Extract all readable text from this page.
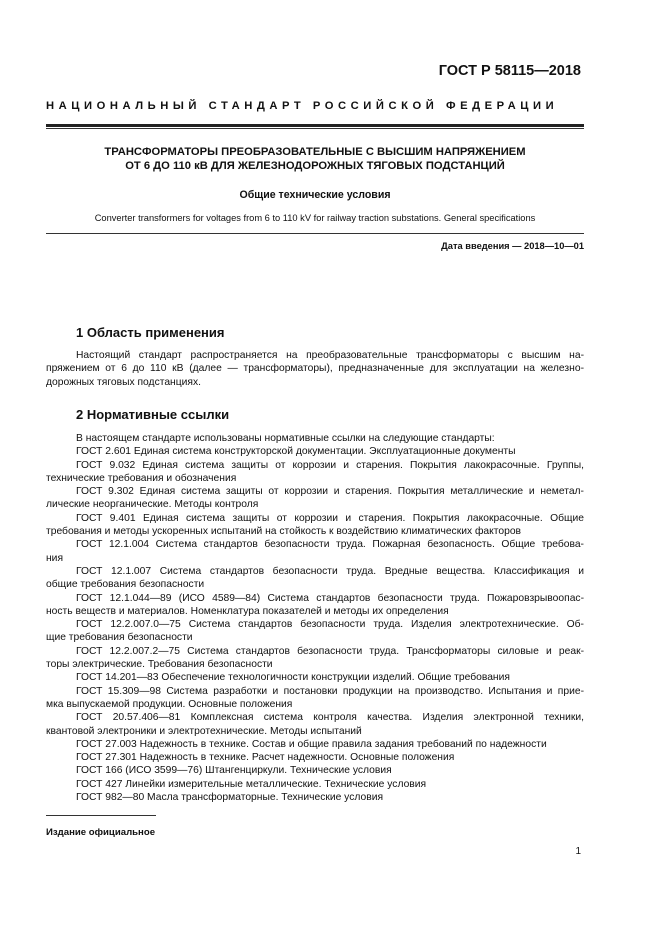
ГОСТ Р 58115—2018
НАЦИОНАЛЬНЫЙ СТАНДАРТ РОССИЙСКОЙ ФЕДЕРАЦИИ
ТРАНСФОРМАТОРЫ ПРЕОБРАЗОВАТЕЛЬНЫЕ С ВЫСШИМ НАПРЯЖЕНИЕМ
ОТ 6 ДО 110 кВ ДЛЯ ЖЕЛЕЗНОДОРОЖНЫХ ТЯГОВЫХ ПОДСТАНЦИЙ
Общие технические условия
Converter transformers for voltages from 6 to 110 kV for railway traction substations. General specifications
Дата введения — 2018—10—01
1 Область применения
Настоящий стандарт распространяется на преобразовательные трансформаторы с высшим на-
пряжением от 6 до 110 кВ (далее — трансформаторы), предназначенные для эксплуатации на железно-
дорожных тяговых подстанциях.
2 Нормативные ссылки
В настоящем стандарте использованы нормативные ссылки на следующие стандарты:
ГОСТ 2.601 Единая система конструкторской документации. Эксплуатационные документы
ГОСТ 9.032 Единая система защиты от коррозии и старения. Покрытия лакокрасочные. Группы,
технические требования и обозначения
ГОСТ 9.302 Единая система защиты от коррозии и старения. Покрытия металлические и неметал-
лические неорганические. Методы контроля
ГОСТ 9.401 Единая система защиты от коррозии и старения. Покрытия лакокрасочные. Общие
требования и методы ускоренных испытаний на стойкость к воздействию климатических факторов
ГОСТ 12.1.004 Система стандартов безопасности труда. Пожарная безопасность. Общие требова-
ния
ГОСТ 12.1.007 Система стандартов безопасности труда. Вредные вещества. Классификация и
общие требования безопасности
ГОСТ 12.1.044—89 (ИСО 4589—84) Система стандартов безопасности труда. Пожаровзрывоопас-
ность веществ и материалов. Номенклатура показателей и методы их определения
ГОСТ 12.2.007.0—75 Система стандартов безопасности труда. Изделия электротехнические. Об-
щие требования безопасности
ГОСТ 12.2.007.2—75 Система стандартов безопасности труда. Трансформаторы силовые и реак-
торы электрические. Требования безопасности
ГОСТ 14.201—83 Обеспечение технологичности конструкции изделий. Общие требования
ГОСТ 15.309—98 Система разработки и постановки продукции на производство. Испытания и прие-
мка выпускаемой продукции. Основные положения
ГОСТ 20.57.406—81 Комплексная система контроля качества. Изделия электронной техники,
квантовой электроники и электротехнические. Методы испытаний
ГОСТ 27.003 Надежность в технике. Состав и общие правила задания требований по надежности
ГОСТ 27.301 Надежность в технике. Расчет надежности. Основные положения
ГОСТ 166 (ИСО 3599—76) Штангенциркули. Технические условия
ГОСТ 427 Линейки измерительные металлические. Технические условия
ГОСТ 982—80 Масла трансформаторные. Технические условия
Издание официальное
1
